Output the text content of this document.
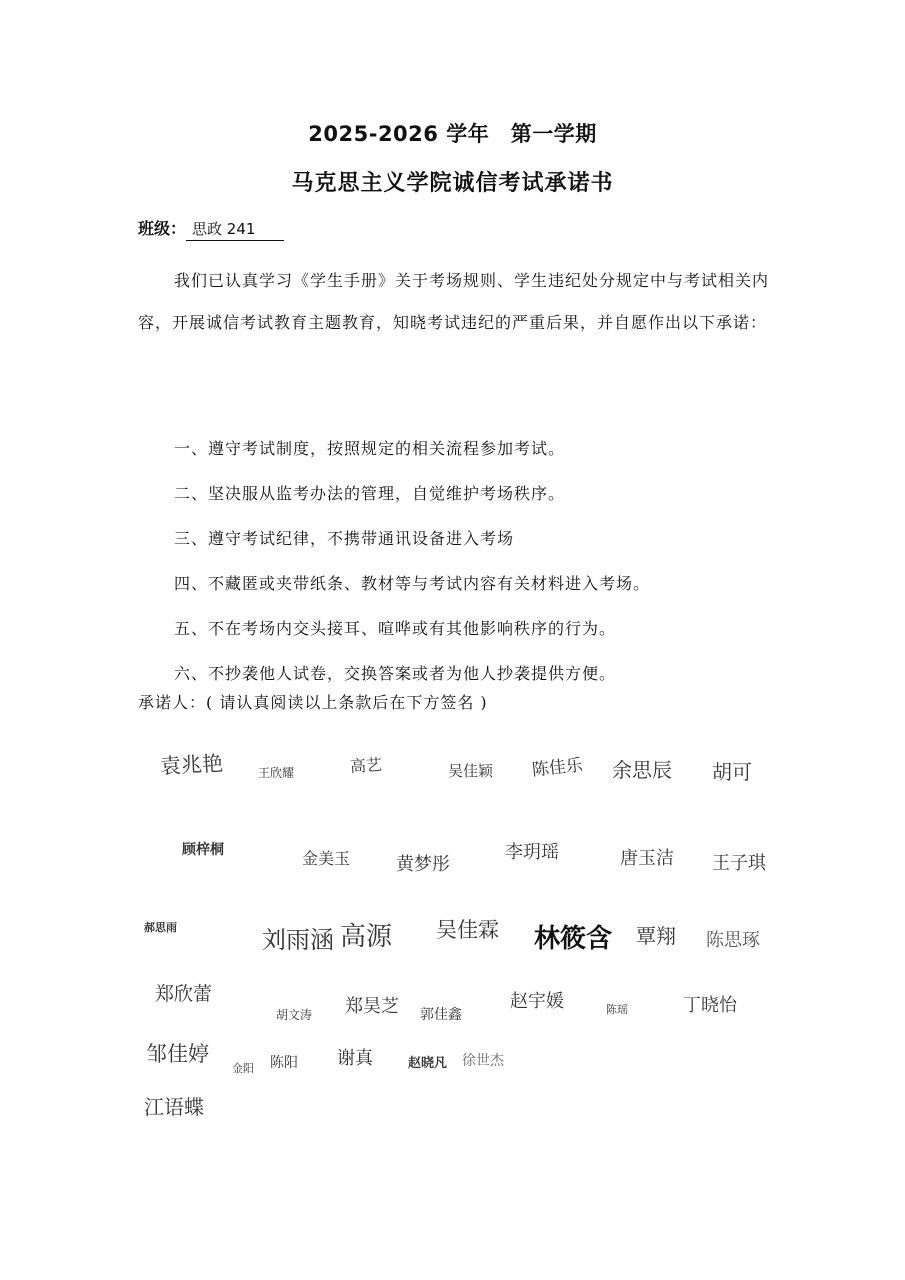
2025-2026 学年　第一学期
马克思主义学院诚信考试承诺书
班级： 思政 241
我们已认真学习《学生手册》关于考场规则、学生违纪处分规定中与考试相关内容，开展诚信考试教育主题教育，知晓考试违纪的严重后果，并自愿作出以下承诺：
一、遵守考试制度，按照规定的相关流程参加考试。
二、坚决服从监考办法的管理，自觉维护考场秩序。
三、遵守考试纪律，不携带通讯设备进入考场
四、不藏匿或夹带纸条、教材等与考试内容有关材料进入考场。
五、不在考场内交头接耳、喧哗或有其他影响秩序的行为。
六、不抄袭他人试卷，交换答案或者为他人抄袭提供方便。
承诺人：( 请认真阅读以上条款后在下方签名 )
袁兆艳	王欣耀	高艺	吴佳颖 陈佳乐 余思辰 胡可
顾梓桐	金美玉	黄梦彤
李玥瑶	唐玉洁 王子琪
郝思雨	刘雨涵 高源 吴佳霖 林筱含 覃翔 陈思琢
郑欣蕾
胡文涛 郑昊芝 郭佳鑫
赵宇媛	陈瑶	丁晓怡
邹佳婷
金阳 陈阳 谢真	赵晓凡 徐世杰
江语蝶
